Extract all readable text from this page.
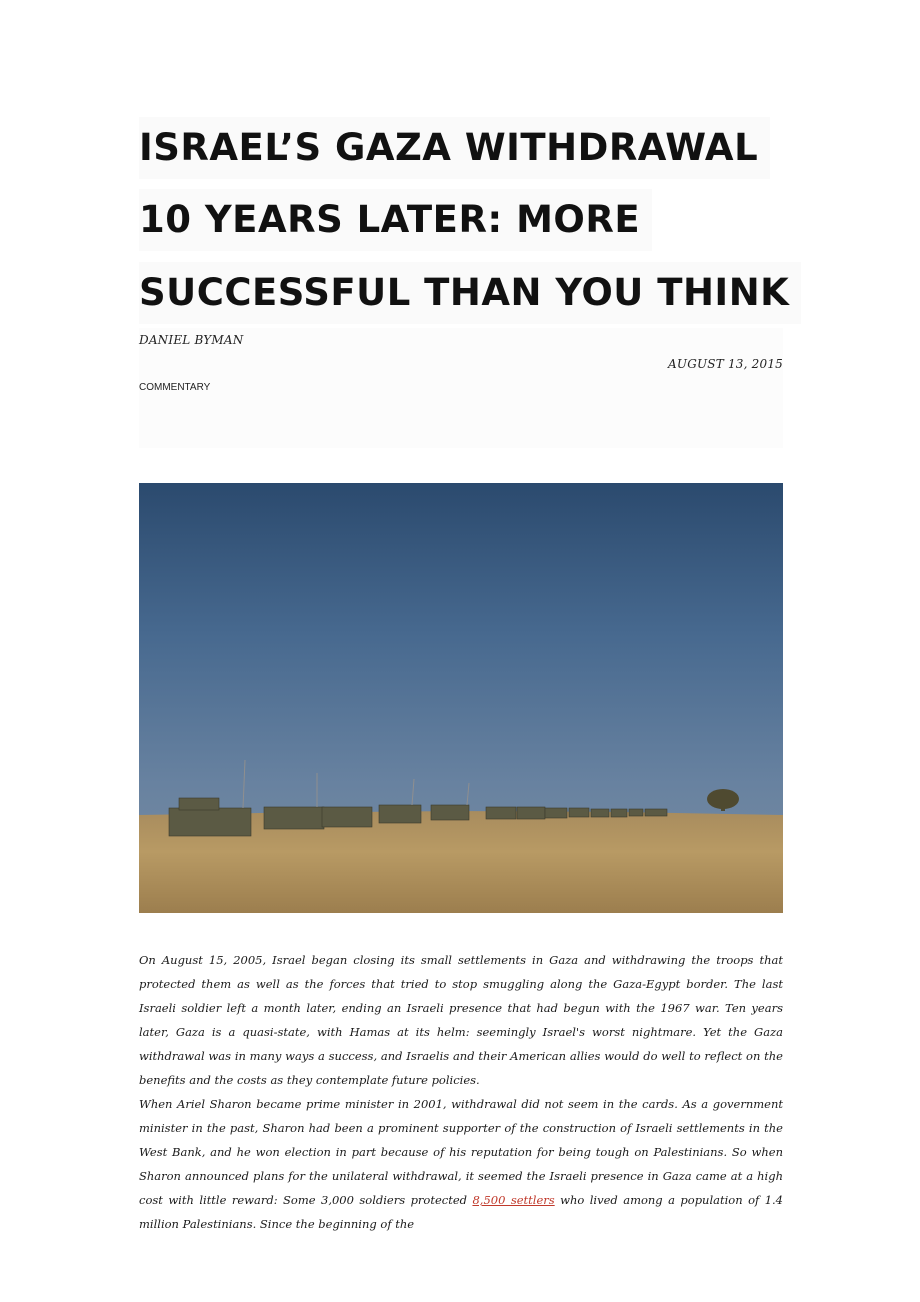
ISRAEL’S GAZA WITHDRAWAL
10 YEARS LATER: MORE
SUCCESSFUL THAN YOU THINK
DANIEL BYMAN
AUGUST 13, 2015
COMMENTARY

On August 15, 2005, Israel began closing its small settlements in Gaza and withdrawing the troops that protected them as well as the forces that tried to stop smuggling along the Gaza-Egypt border. The last Israeli soldier left a month later, ending an Israeli presence that had begun with the 1967 war. Ten years later, Gaza is a quasi-state, with Hamas at its helm: seemingly Israel's worst nightmare. Yet the Gaza withdrawal was in many ways a success, and Israelis and their American allies would do well to reflect on the benefits and the costs as they contemplate future policies.

When Ariel Sharon became prime minister in 2001, withdrawal did not seem in the cards. As a government minister in the past, Sharon had been a prominent supporter of the construction of Israeli settlements in the West Bank, and he won election in part because of his reputation for being tough on Palestinians. So when Sharon announced plans for the unilateral withdrawal, it seemed the Israeli presence in Gaza came at a high cost with little reward: Some 3,000 soldiers protected 8,500 settlers who lived among a population of 1.4 million Palestinians. Since the beginning of the
